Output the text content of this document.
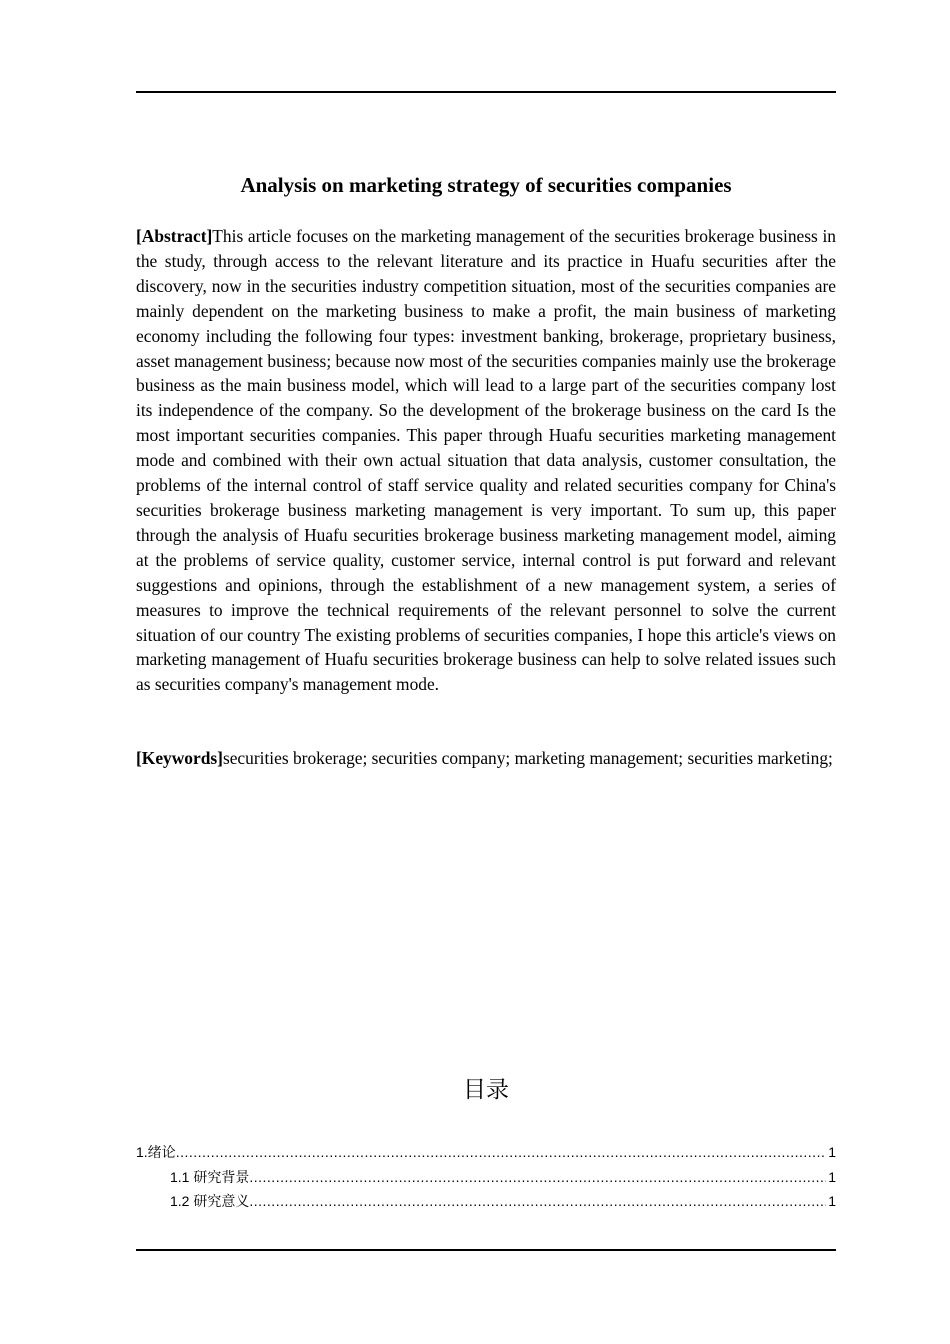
Analysis on marketing strategy of securities companies

[Abstract]This article focuses on the marketing management of the securities brokerage business in the study, through access to the relevant literature and its practice in Huafu securities after the discovery, now in the securities industry competition situation, most of the securities companies are mainly dependent on the marketing business to make a profit, the main business of marketing economy including the following four types: investment banking, brokerage, proprietary business, asset management business; because now most of the securities companies mainly use the brokerage business as the main business model, which will lead to a large part of the securities company lost its independence of the company. So the development of the brokerage business on the card Is the most important securities companies. This paper through Huafu securities marketing management mode and combined with their own actual situation that data analysis, customer consultation, the problems of the internal control of staff service quality and related securities company for China's securities brokerage business marketing management is very important. To sum up, this paper through the analysis of Huafu securities brokerage business marketing management model, aiming at the problems of service quality, customer service, internal control is put forward and relevant suggestions and opinions, through the establishment of a new management system, a series of measures to improve the technical requirements of the relevant personnel to solve the current situation of our country The existing problems of securities companies, I hope this article's views on marketing management of Huafu securities brokerage business can help to solve related issues such as securities company's management mode.

[Keywords]securities brokerage; securities company; marketing management; securities marketing;

目录
1.绪论 .....	1
1.1 研究背景 .....	1
1.2 研究意义 .....	1
